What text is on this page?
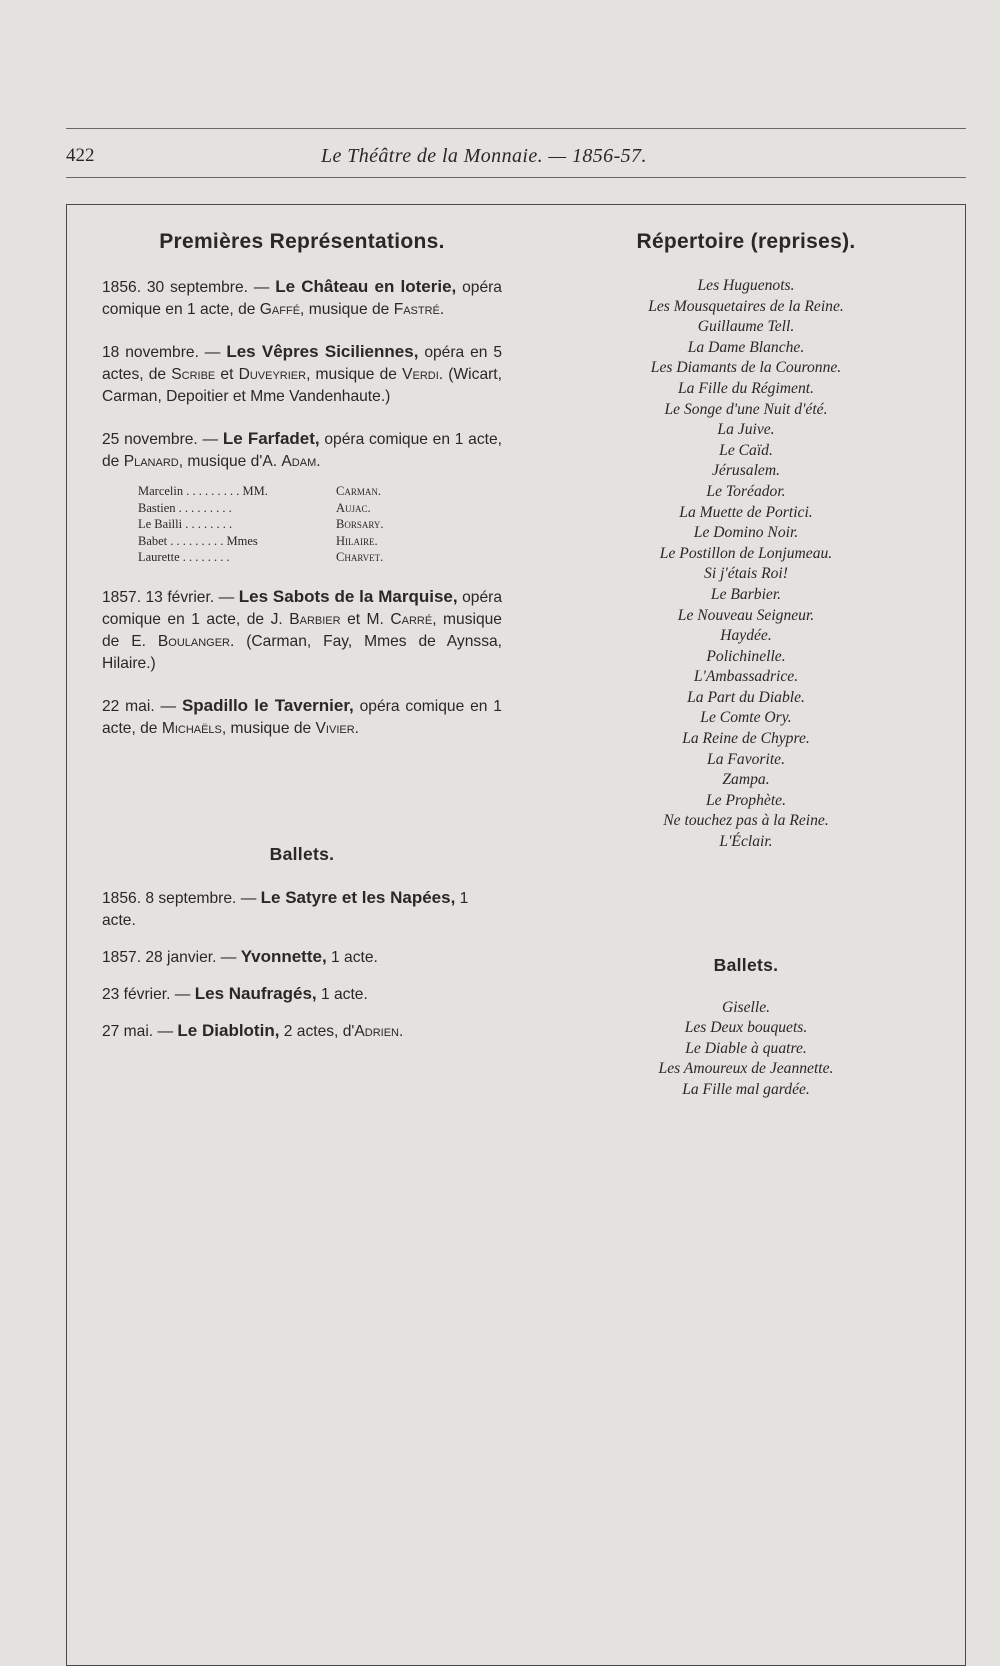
422	Le Théâtre de la Monnaie. — 1856-57.
Premières Représentations.
1856. 30 septembre. — Le Château en loterie, opéra comique en 1 acte, de Gaffé, musique de Fastré.
18 novembre. — Les Vêpres Siciliennes, opéra en 5 actes, de Scribe et Duveyrier, musique de Verdi. (Wicart, Carman, Depoitier et Mme Vandenhaute.)
25 novembre. — Le Farfadet, opéra comique en 1 acte, de Planard, musique d'A. Adam.
Marcelin . . . . . . . . . MM.	Carman.
Bastien . . . . . . . . .	Aujac.
Le Bailli . . . . . . . .	Borsary.
Babet . . . . . . . . . Mmes	Hilaire.
Laurette . . . . . . . .	Charvet.
1857. 13 février. — Les Sabots de la Marquise, opéra comique en 1 acte, de J. Barbier et M. Carré, musique de E. Boulanger. (Carman, Fay, Mmes de Aynssa, Hilaire.)
22 mai. — Spadillo le Tavernier, opéra comique en 1 acte, de Michaëls, musique de Vivier.
Ballets.
1856. 8 septembre. — Le Satyre et les Napées, 1 acte.
1857. 28 janvier. — Yvonnette, 1 acte.
23 février. — Les Naufragés, 1 acte.
27 mai. — Le Diablotin, 2 actes, d'Adrien.
Répertoire (reprises).
Les Huguenots.
Les Mousquetaires de la Reine.
Guillaume Tell.
La Dame Blanche.
Les Diamants de la Couronne.
La Fille du Régiment.
Le Songe d'une Nuit d'été.
La Juive.
Le Caïd.
Jérusalem.
Le Toréador.
La Muette de Portici.
Le Domino Noir.
Le Postillon de Lonjumeau.
Si j'étais Roi!
Le Barbier.
Le Nouveau Seigneur.
Haydée.
Polichinelle.
L'Ambassadrice.
La Part du Diable.
Le Comte Ory.
La Reine de Chypre.
La Favorite.
Zampa.
Le Prophète.
Ne touchez pas à la Reine.
L'Éclair.
Ballets.
Giselle.
Les Deux bouquets.
Le Diable à quatre.
Les Amoureux de Jeannette.
La Fille mal gardée.
